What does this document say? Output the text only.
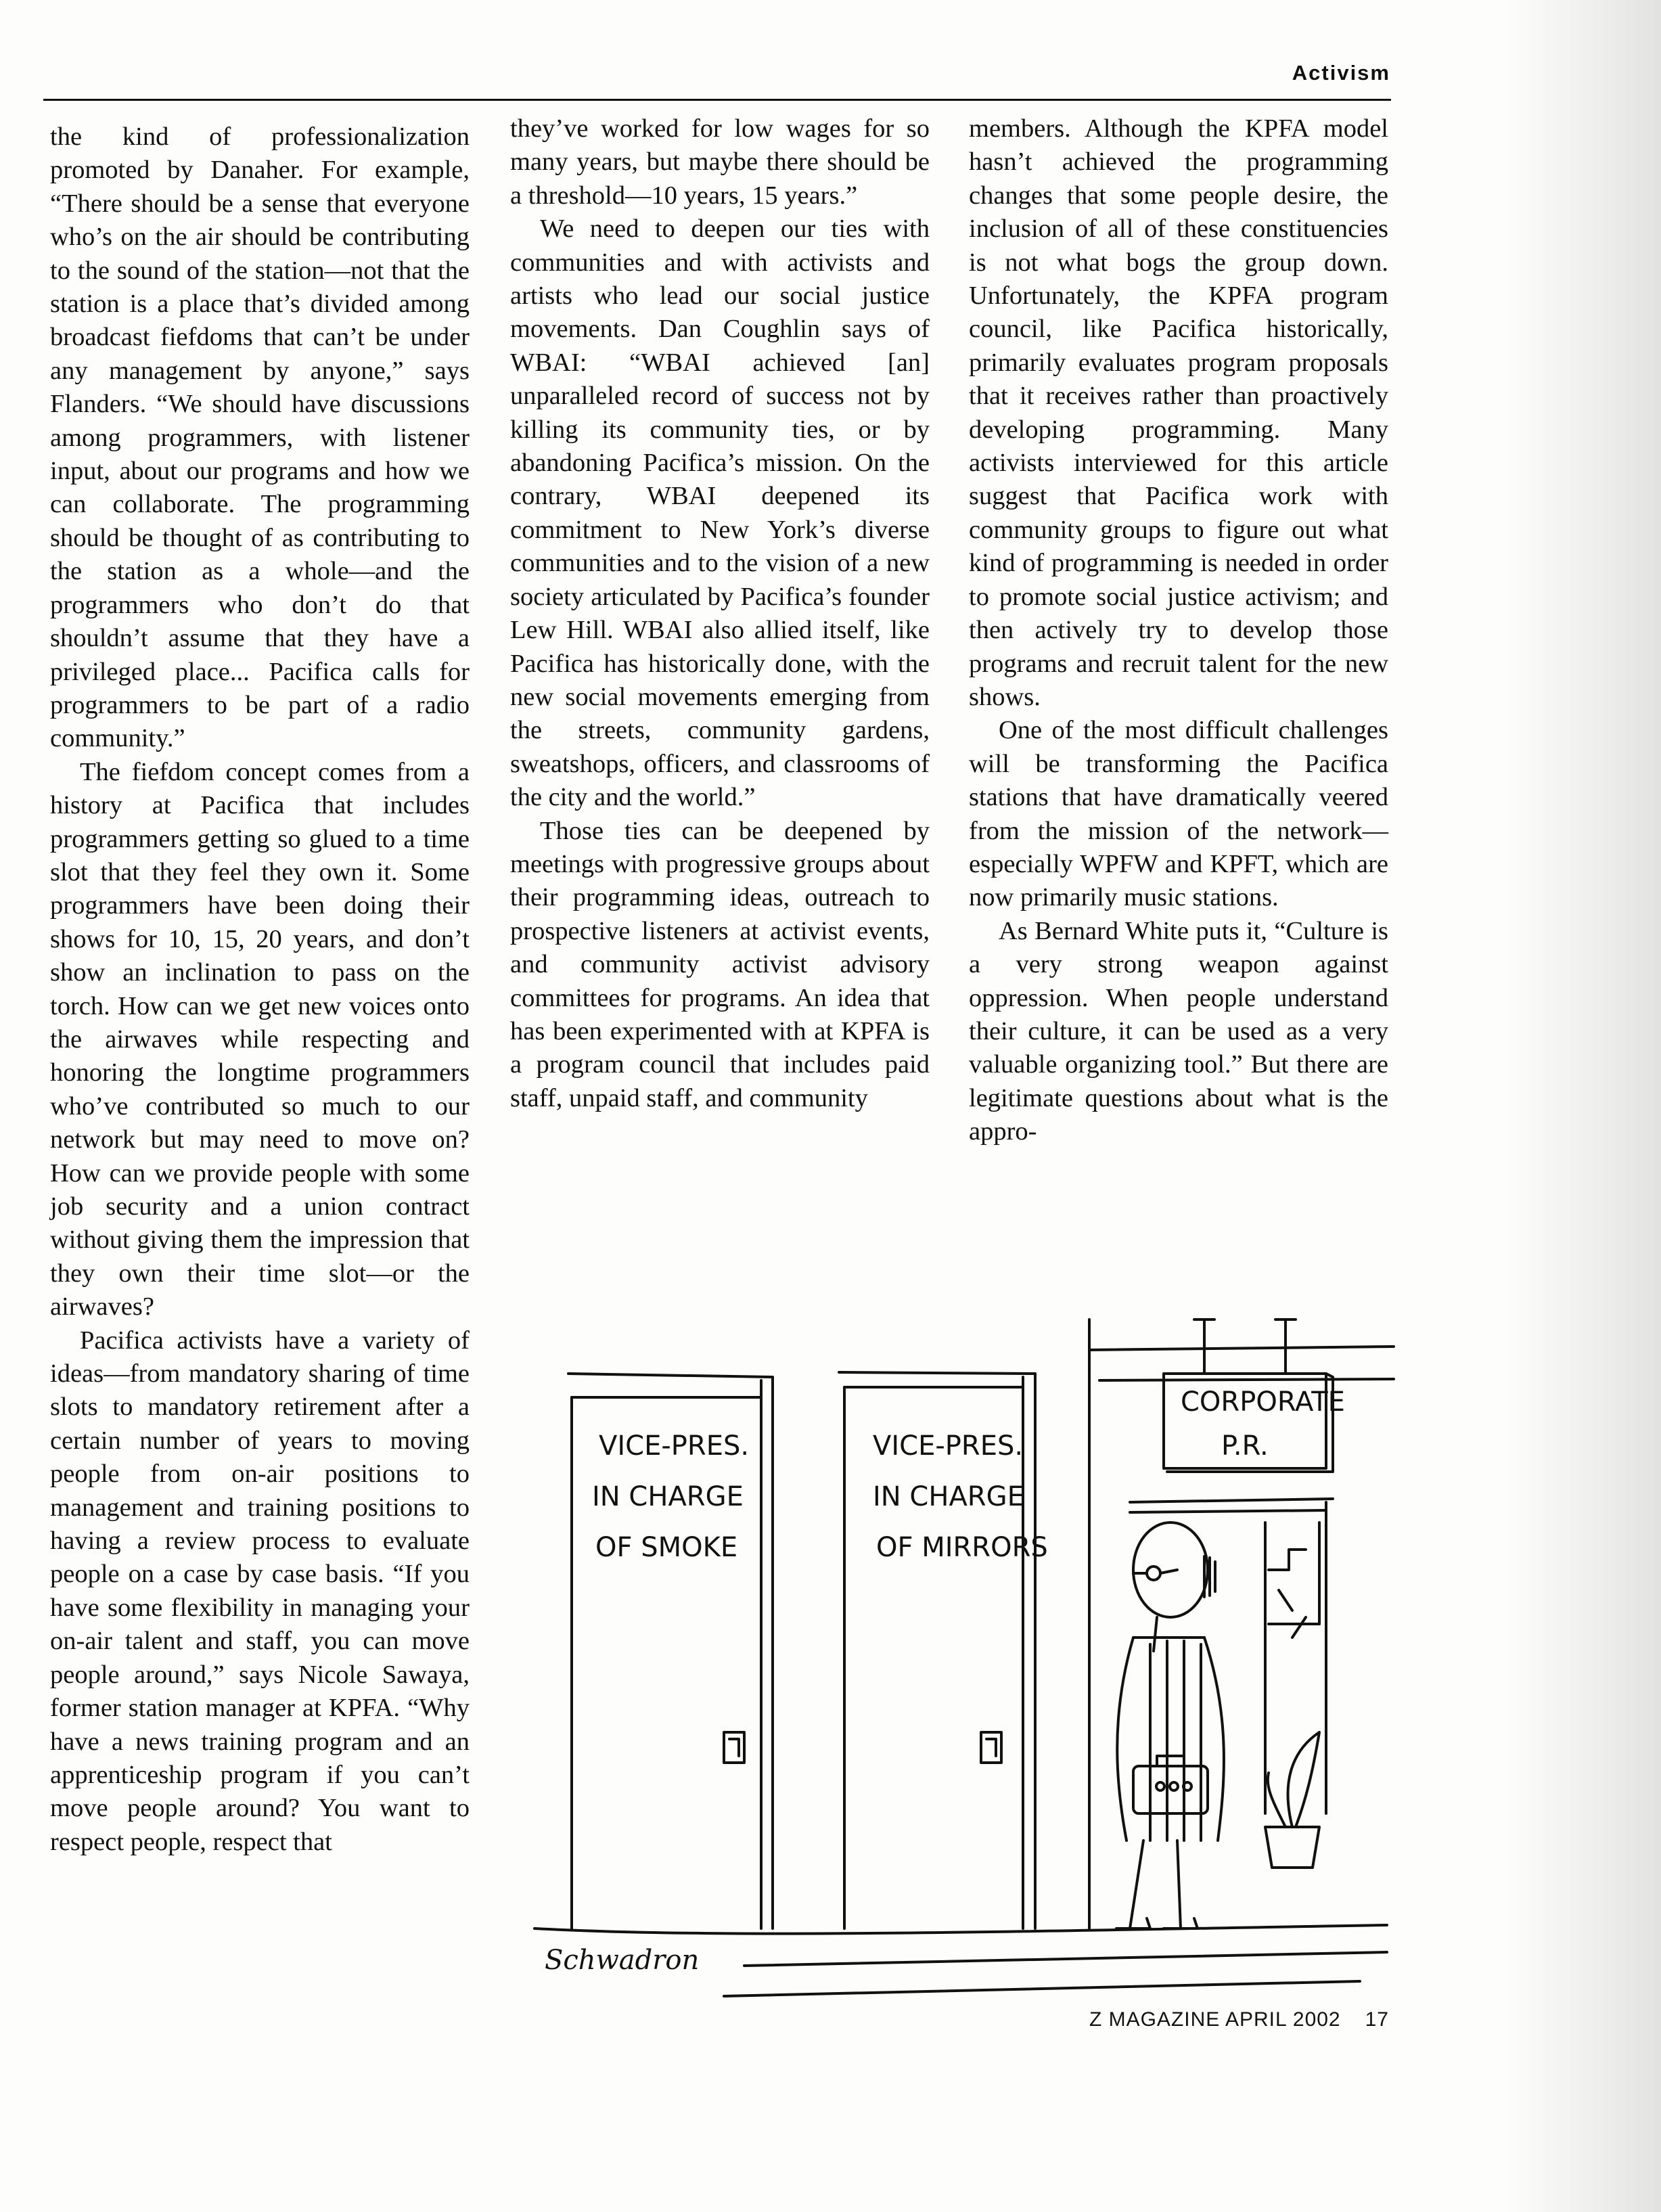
Activism

the kind of professionalization promoted by Danaher. For example, “There should be a sense that everyone who’s on the air should be contributing to the sound of the station—not that the station is a place that’s divided among broadcast fiefdoms that can’t be under any management by anyone,” says Flanders. “We should have discussions among programmers, with listener input, about our programs and how we can collaborate. The programming should be thought of as contributing to the station as a whole—and the programmers who don’t do that shouldn’t assume that they have a privileged place... Pacifica calls for programmers to be part of a radio community.”

The fiefdom concept comes from a history at Pacifica that includes programmers getting so glued to a time slot that they feel they own it. Some programmers have been doing their shows for 10, 15, 20 years, and don’t show an inclination to pass on the torch. How can we get new voices onto the airwaves while respecting and honoring the longtime programmers who’ve contributed so much to our network but may need to move on? How can we provide people with some job security and a union contract without giving them the impression that they own their time slot—or the airwaves?

Pacifica activists have a variety of ideas—from mandatory sharing of time slots to mandatory retirement after a certain number of years to moving people from on-air positions to management and training positions to having a review process to evaluate people on a case by case basis. “If you have some flexibility in managing your on-air talent and staff, you can move people around,” says Nicole Sawaya, former station manager at KPFA. “Why have a news training program and an apprenticeship program if you can’t move people around? You want to respect people, respect that

they’ve worked for low wages for so many years, but maybe there should be a threshold—10 years, 15 years.”

We need to deepen our ties with communities and with activists and artists who lead our social justice movements. Dan Coughlin says of WBAI: “WBAI achieved [an] unparalleled record of success not by killing its community ties, or by abandoning Pacifica’s mission. On the contrary, WBAI deepened its commitment to New York’s diverse communities and to the vision of a new society articulated by Pacifica’s founder Lew Hill. WBAI also allied itself, like Pacifica has historically done, with the new social movements emerging from the streets, community gardens, sweatshops, officers, and classrooms of the city and the world.”

Those ties can be deepened by meetings with progressive groups about their programming ideas, outreach to prospective listeners at activist events, and community activist advisory committees for programs. An idea that has been experimented with at KPFA is a program council that includes paid staff, unpaid staff, and community

members. Although the KPFA model hasn’t achieved the programming changes that some people desire, the inclusion of all of these constituencies is not what bogs the group down. Unfortunately, the KPFA program council, like Pacifica historically, primarily evaluates program proposals that it receives rather than proactively developing programming. Many activists interviewed for this article suggest that Pacifica work with community groups to figure out what kind of programming is needed in order to promote social justice activism; and then actively try to develop those programs and recruit talent for the new shows.

One of the most difficult challenges will be transforming the Pacifica stations that have dramatically veered from the mission of the network—especially WPFW and KPFT, which are now primarily music stations.

As Bernard White puts it, “Culture is a very strong weapon against oppression. When people understand their culture, it can be used as a very valuable organizing tool.” But there are legitimate questions about what is the appro-

VICE-PRES.
IN CHARGE
OF SMOKE
VICE-PRES.
IN CHARGE
OF MIRRORS
CORPORATE
P.R.
Schwadron
Z MAGAZINE APRIL 2002 17
